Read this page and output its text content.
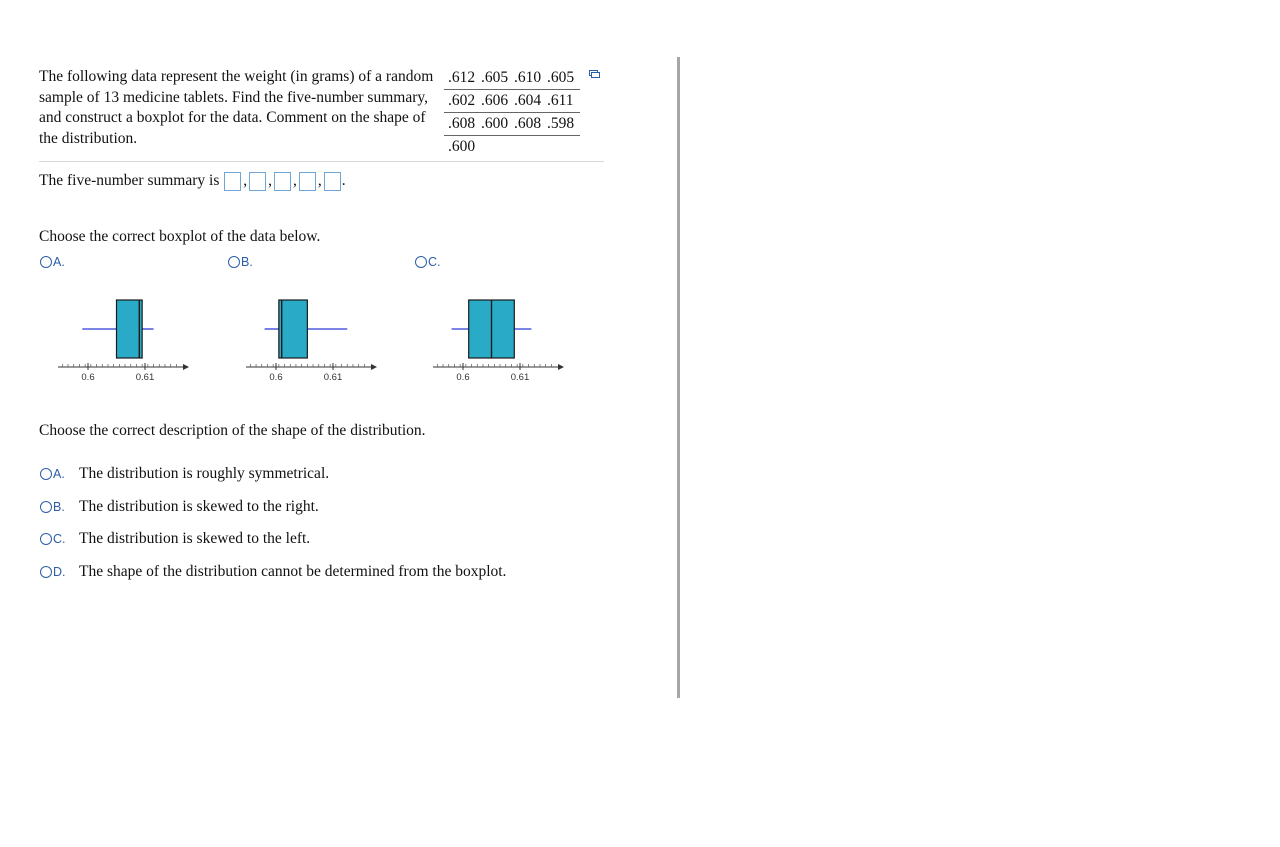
The following data represent the weight (in grams) of a random sample of 13 medicine tablets. Find the five-number summary, and construct a boxplot for the data. Comment on the shape of the distribution.
.612 .605 .610 .605
.602 .606 .604 .611
.608 .600 .608 .598
.600
The five-number summary is
, , , , .
Choose the correct boxplot of the data below.
A.	B.	C.
0.6	0.61	0.6	0.61	0.6	0.61
Choose the correct description of the shape of the distribution.
A. The distribution is roughly symmetrical.
B. The distribution is skewed to the right.
C. The distribution is skewed to the left.
D. The shape of the distribution cannot be determined from the boxplot.
